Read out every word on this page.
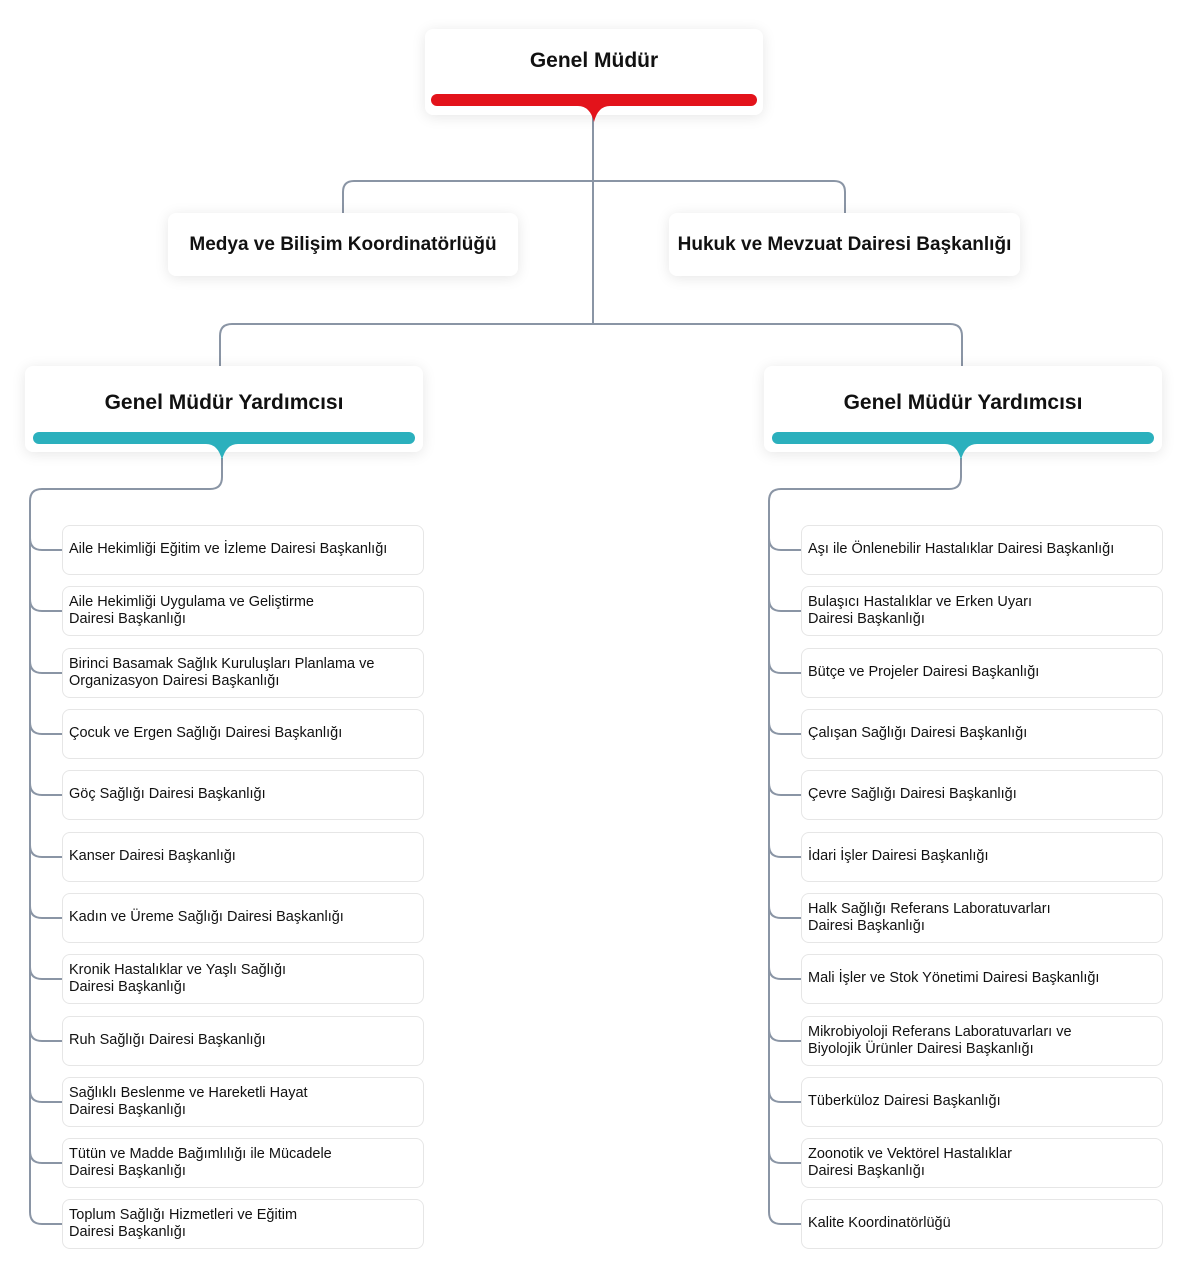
Genel Müdür
Medya ve Bilişim Koordinatörlüğü	Hukuk ve Mevzuat Dairesi Başkanlığı
Genel Müdür Yardımcısı	Genel Müdür Yardımcısı
Aile Hekimliği Eğitim ve İzleme Dairesi Başkanlığı
Aile Hekimliği Uygulama ve Geliştirme
Dairesi Başkanlığı
Birinci Basamak Sağlık Kuruluşları Planlama ve
Organizasyon Dairesi Başkanlığı
Çocuk ve Ergen Sağlığı Dairesi Başkanlığı
Göç Sağlığı Dairesi Başkanlığı
Kanser Dairesi Başkanlığı
Kadın ve Üreme Sağlığı Dairesi Başkanlığı
Kronik Hastalıklar ve Yaşlı Sağlığı
Dairesi Başkanlığı
Ruh Sağlığı Dairesi Başkanlığı
Sağlıklı Beslenme ve Hareketli Hayat
Dairesi Başkanlığı
Tütün ve Madde Bağımlılığı ile Mücadele
Dairesi Başkanlığı
Toplum Sağlığı Hizmetleri ve Eğitim
Dairesi Başkanlığı
Aşı ile Önlenebilir Hastalıklar Dairesi Başkanlığı
Bulaşıcı Hastalıklar ve Erken Uyarı
Dairesi Başkanlığı
Bütçe ve Projeler Dairesi Başkanlığı
Çalışan Sağlığı Dairesi Başkanlığı
Çevre Sağlığı Dairesi Başkanlığı
İdari İşler Dairesi Başkanlığı
Halk Sağlığı Referans Laboratuvarları
Dairesi Başkanlığı
Mali İşler ve Stok Yönetimi Dairesi Başkanlığı
Mikrobiyoloji Referans Laboratuvarları ve
Biyolojik Ürünler Dairesi Başkanlığı
Tüberküloz Dairesi Başkanlığı
Zoonotik ve Vektörel Hastalıklar
Dairesi Başkanlığı
Kalite Koordinatörlüğü
